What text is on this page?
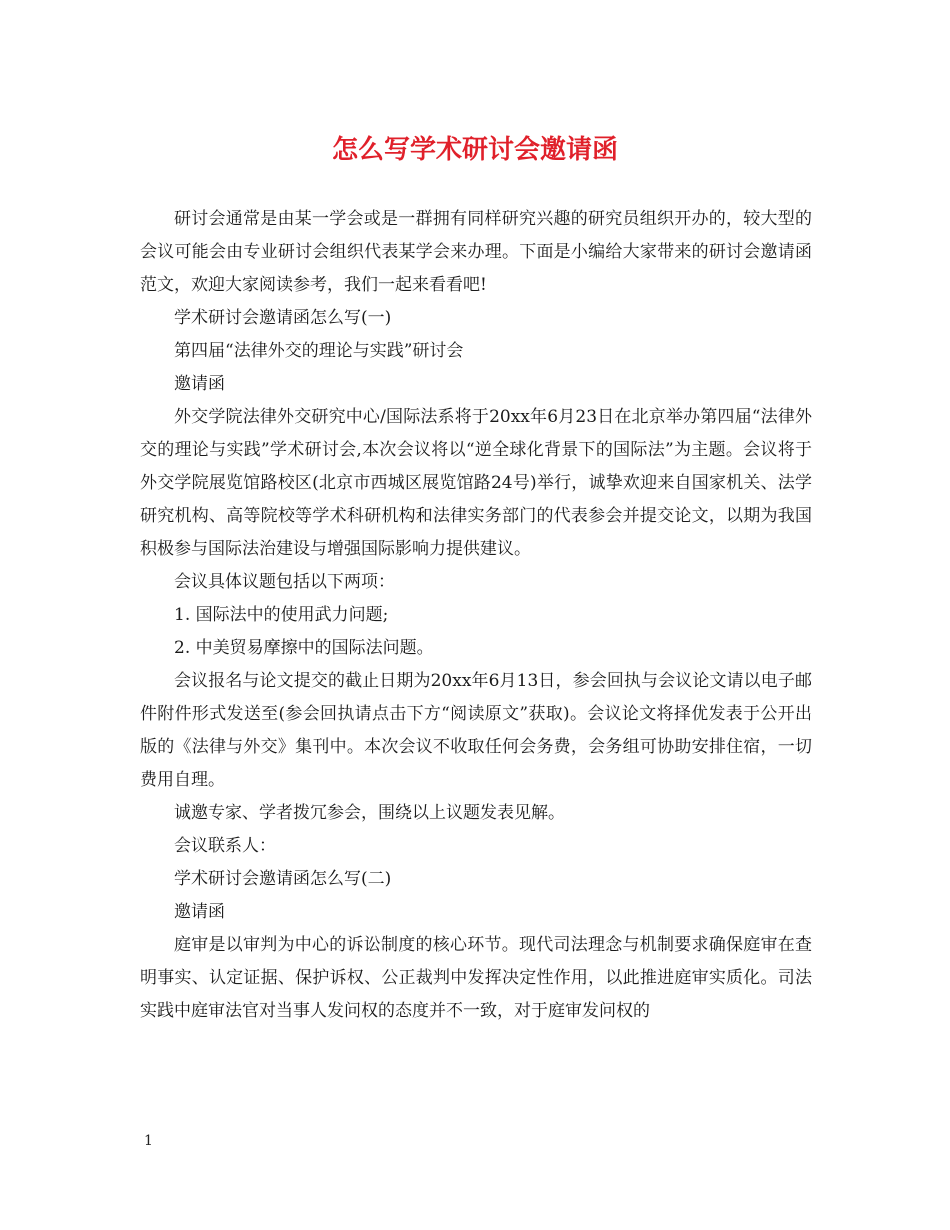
怎么写学术研讨会邀请函

研讨会通常是由某一学会或是一群拥有同样研究兴趣的研究员组织开办的，较大型的会议可能会由专业研讨会组织代表某学会来办理。下面是小编给大家带来的研讨会邀请函范文，欢迎大家阅读参考，我们一起来看看吧!

学术研讨会邀请函怎么写(一)

第四届“法律外交的理论与实践”研讨会

邀请函

外交学院法律外交研究中心/国际法系将于20xx年6月23日在北京举办第四届“法律外交的理论与实践”学术研讨会,本次会议将以“逆全球化背景下的国际法”为主题。会议将于外交学院展览馆路校区(北京市西城区展览馆路24号)举行，诚挚欢迎来自国家机关、法学研究机构、高等院校等学术科研机构和法律实务部门的代表参会并提交论文，以期为我国积极参与国际法治建设与增强国际影响力提供建议。

会议具体议题包括以下两项：

1. 国际法中的使用武力问题;

2. 中美贸易摩擦中的国际法问题。

会议报名与论文提交的截止日期为20xx年6月13日，参会回执与会议论文请以电子邮件附件形式发送至(参会回执请点击下方“阅读原文”获取)。会议论文将择优发表于公开出版的《法律与外交》集刊中。本次会议不收取任何会务费，会务组可协助安排住宿，一切费用自理。

诚邀专家、学者拨冗参会，围绕以上议题发表见解。

会议联系人：

学术研讨会邀请函怎么写(二)

邀请函

庭审是以审判为中心的诉讼制度的核心环节。现代司法理念与机制要求确保庭审在查明事实、认定证据、保护诉权、公正裁判中发挥决定性作用，以此推进庭审实质化。司法实践中庭审法官对当事人发问权的态度并不一致，对于庭审发问权的

1
